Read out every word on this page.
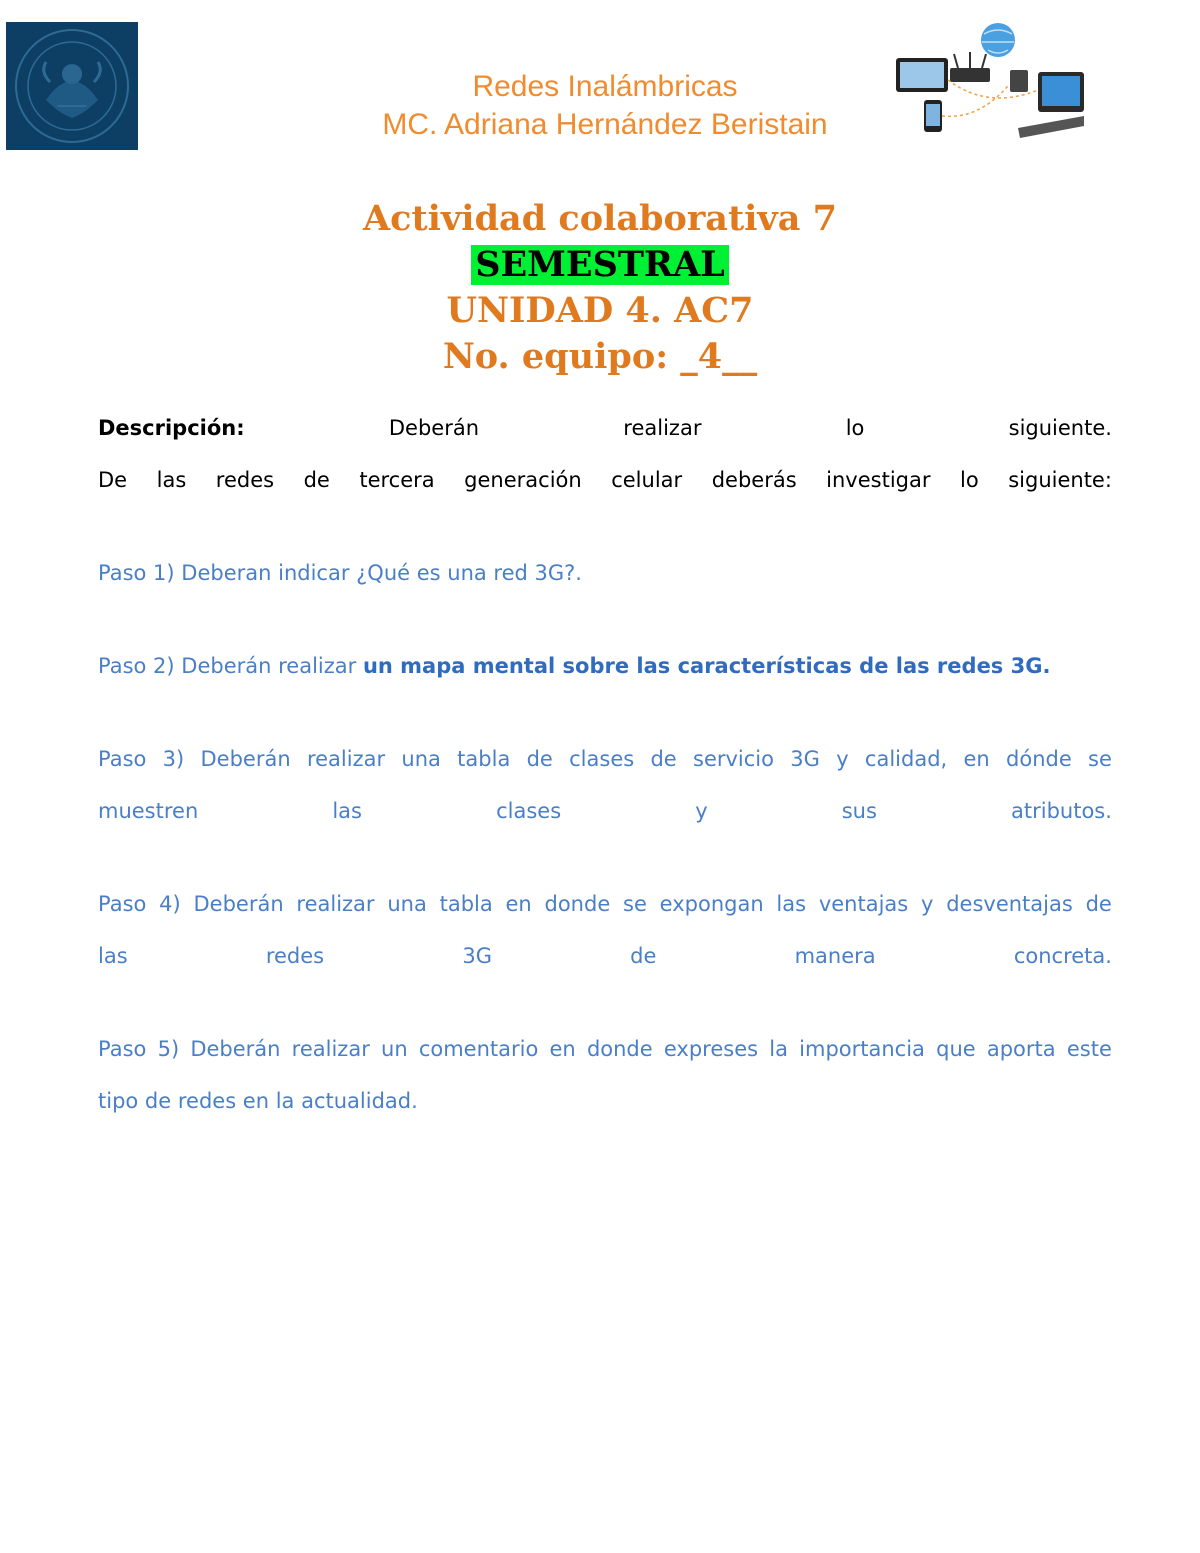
Redes Inalámbricas
MC. Adriana Hernández Beristain
Actividad colaborativa 7
SEMESTRAL
UNIDAD 4. AC7
No. equipo: _4__
Descripción:	Deberán	realizar	lo	siguiente.
De las redes de tercera generación celular deberás investigar lo siguiente:

Paso 1) Deberan indicar ¿Qué es una red 3G?.

Paso 2) Deberán realizar un mapa mental sobre las características de las redes 3G.

Paso 3) Deberán realizar una tabla de clases de servicio 3G y calidad, en dónde se
muestren	las	clases	y	sus	atributos.
Paso 4) Deberán realizar una tabla en donde se expongan las ventajas y desventajas de
las	redes	3G	de	manera	concreta.
Paso 5) Deberán realizar un comentario en donde expreses la importancia que aporta este

tipo de redes en la actualidad.
